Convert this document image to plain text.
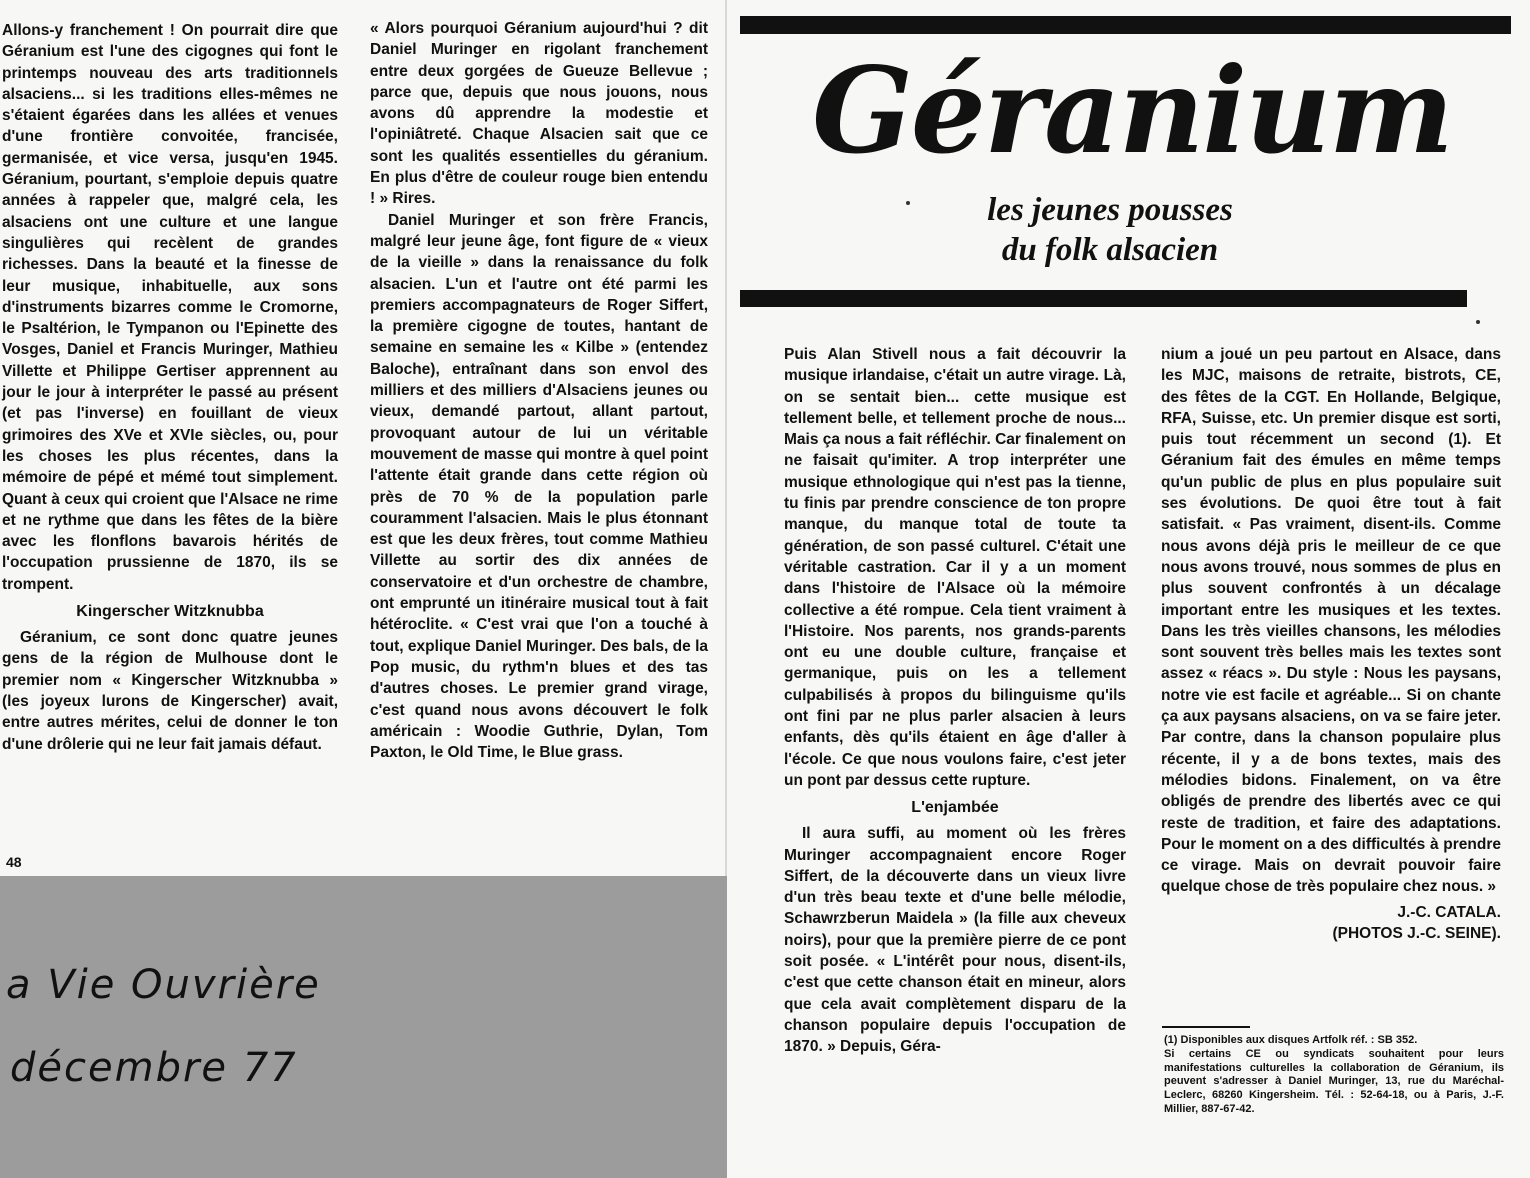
Allons-y franchement ! On pourrait dire que Géranium est l'une des cigognes qui font le printemps nouveau des arts traditionnels alsaciens... si les traditions elles-mêmes ne s'étaient égarées dans les allées et venues d'une frontière convoitée, francisée, germanisée, et vice versa, jusqu'en 1945. Géranium, pourtant, s'emploie depuis quatre années à rappeler que, malgré cela, les alsaciens ont une culture et une langue singulières qui recèlent de grandes richesses. Dans la beauté et la finesse de leur musique, inhabituelle, aux sons d'instruments bizarres comme le Cromorne, le Psaltérion, le Tympanon ou l'Epinette des Vosges, Daniel et Francis Muringer, Mathieu Villette et Philippe Gertiser apprennent au jour le jour à interpréter le passé au présent (et pas l'inverse) en fouillant de vieux grimoires des XVe et XVIe siècles, ou, pour les choses les plus récentes, dans la mémoire de pépé et mémé tout simplement. Quant à ceux qui croient que l'Alsace ne rime et ne rythme que dans les fêtes de la bière avec les flonflons bavarois hérités de l'occupation prussienne de 1870, ils se trompent.

Kingerscher Witzknubba

Géranium, ce sont donc quatre jeunes gens de la région de Mulhouse dont le premier nom « Kingerscher Witzknubba » (les joyeux lurons de Kingerscher) avait, entre autres mérites, celui de donner le ton d'une drôlerie qui ne leur fait jamais défaut.

48

« Alors pourquoi Géranium aujourd'hui ? dit Daniel Muringer en rigolant franchement entre deux gorgées de Gueuze Bellevue ; parce que, depuis que nous jouons, nous avons dû apprendre la modestie et l'opiniâtreté. Chaque Alsacien sait que ce sont les qualités essentielles du géranium. En plus d'être de couleur rouge bien entendu ! » Rires.

Daniel Muringer et son frère Francis, malgré leur jeune âge, font figure de « vieux de la vieille » dans la renaissance du folk alsacien. L'un et l'autre ont été parmi les premiers accompagnateurs de Roger Siffert, la première cigogne de toutes, hantant de semaine en semaine les « Kilbe » (entendez Baloche), entraînant dans son envol des milliers et des milliers d'Alsaciens jeunes ou vieux, demandé partout, allant partout, provoquant autour de lui un véritable mouvement de masse qui montre à quel point l'attente était grande dans cette région où près de 70 % de la population parle couramment l'alsacien. Mais le plus étonnant est que les deux frères, tout comme Mathieu Villette au sortir des dix années de conservatoire et d'un orchestre de chambre, ont emprunté un itinéraire musical tout à fait hétéroclite. « C'est vrai que l'on a touché à tout, explique Daniel Muringer. Des bals, de la Pop music, du rythm'n blues et des tas d'autres choses. Le premier grand virage, c'est quand nous avons découvert le folk américain : Woodie Guthrie, Dylan, Tom Paxton, le Old Time, le Blue grass.

Géranium
les jeunes pousses
du folk alsacien

Puis Alan Stivell nous a fait découvrir la musique irlandaise, c'était un autre virage. Là, on se sentait bien... cette musique est tellement belle, et tellement proche de nous... Mais ça nous a fait réfléchir. Car finalement on ne faisait qu'imiter. A trop interpréter une musique ethnologique qui n'est pas la tienne, tu finis par prendre conscience de ton propre manque, du manque total de toute ta génération, de son passé culturel. C'était une véritable castration. Car il y a un moment dans l'histoire de l'Alsace où la mémoire collective a été rompue. Cela tient vraiment à l'Histoire. Nos parents, nos grands-parents ont eu une double culture, française et germanique, puis on les a tellement culpabilisés à propos du bilinguisme qu'ils ont fini par ne plus parler alsacien à leurs enfants, dès qu'ils étaient en âge d'aller à l'école. Ce que nous voulons faire, c'est jeter un pont par dessus cette rupture.

L'enjambée

Il aura suffi, au moment où les frères Muringer accompagnaient encore Roger Siffert, de la découverte dans un vieux livre d'un très beau texte et d'une belle mélodie, Schawrzberun Maidela » (la fille aux cheveux noirs), pour que la première pierre de ce pont soit posée. « L'intérêt pour nous, disent-ils, c'est que cette chanson était en mineur, alors que cela avait complètement disparu de la chanson populaire depuis l'occupation de 1870. » Depuis, Géra-

nium a joué un peu partout en Alsace, dans les MJC, maisons de retraite, bistrots, CE, des fêtes de la CGT. En Hollande, Belgique, RFA, Suisse, etc. Un premier disque est sorti, puis tout récemment un second (1). Et Géranium fait des émules en même temps qu'un public de plus en plus populaire suit ses évolutions. De quoi être tout à fait satisfait. « Pas vraiment, disent-ils. Comme nous avons déjà pris le meilleur de ce que nous avons trouvé, nous sommes de plus en plus souvent confrontés à un décalage important entre les musiques et les textes. Dans les très vieilles chansons, les mélodies sont souvent très belles mais les textes sont assez « réacs ». Du style : Nous les paysans, notre vie est facile et agréable... Si on chante ça aux paysans alsaciens, on va se faire jeter. Par contre, dans la chanson populaire plus récente, il y a de bons textes, mais des mélodies bidons. Finalement, on va être obligés de prendre des libertés avec ce qui reste de tradition, et faire des adaptations. Pour le moment on a des difficultés à prendre ce virage. Mais on devrait pouvoir faire quelque chose de très populaire chez nous. »

J.-C. CATALA.
(PHOTOS J.-C. SEINE).

(1) Disponibles aux disques Artfolk réf. : SB 352.

Si certains CE ou syndicats souhaitent pour leurs manifestations culturelles la collaboration de Géranium, ils peuvent s'adresser à Daniel Muringer, 13, rue du Maréchal-Leclerc, 68260 Kingersheim. Tél. : 52-64-18, ou à Paris, J.-F. Millier, 887-67-42.

a Vie Ouvrière
décembre 77
